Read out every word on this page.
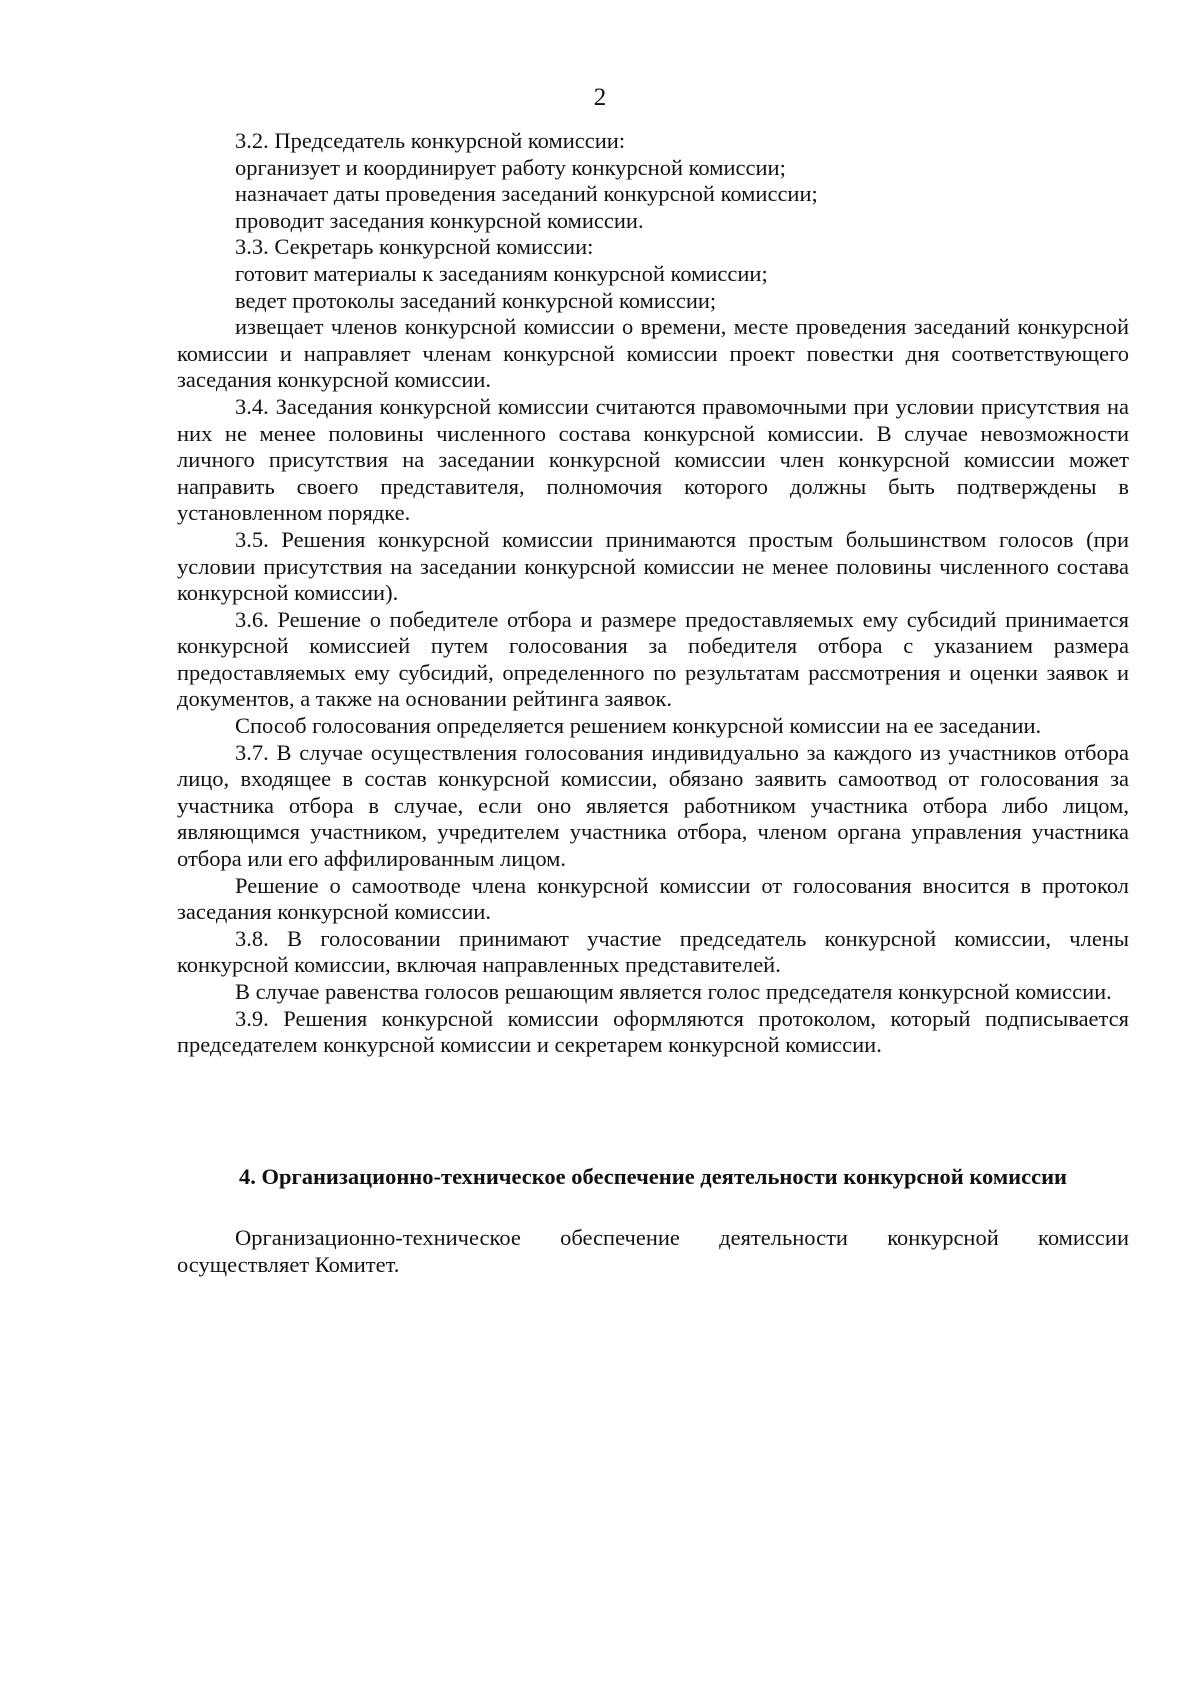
2

3.2. Председатель конкурсной комиссии:

организует и координирует работу конкурсной комиссии;

назначает даты проведения заседаний конкурсной комиссии;

проводит заседания конкурсной комиссии.

3.3. Секретарь конкурсной комиссии:

готовит материалы к заседаниям конкурсной комиссии;

ведет протоколы заседаний конкурсной комиссии;

извещает членов конкурсной комиссии о времени, месте проведения заседаний конкурсной комиссии и направляет членам конкурсной комиссии проект повестки дня соответствующего заседания конкурсной комиссии.

3.4. Заседания конкурсной комиссии считаются правомочными при условии присутствия на них не менее половины численного состава конкурсной комиссии. В случае невозможности личного присутствия на заседании конкурсной комиссии член конкурсной комиссии может направить своего представителя, полномочия которого должны быть подтверждены в установленном порядке.

3.5. Решения конкурсной комиссии принимаются простым большинством голосов (при условии присутствия на заседании конкурсной комиссии не менее половины численного состава конкурсной комиссии).

3.6. Решение о победителе отбора и размере предоставляемых ему субсидий принимается конкурсной комиссией путем голосования за победителя отбора с указанием размера предоставляемых ему субсидий, определенного по результатам рассмотрения и оценки заявок и документов, а также на основании рейтинга заявок.

Способ голосования определяется решением конкурсной комиссии на ее заседании.

3.7. В случае осуществления голосования индивидуально за каждого из участников отбора лицо, входящее в состав конкурсной комиссии, обязано заявить самоотвод от голосования за участника отбора в случае, если оно является работником участника отбора либо лицом, являющимся участником, учредителем участника отбора, членом органа управления участника отбора или его аффилированным лицом.

Решение о самоотводе члена конкурсной комиссии от голосования вносится в протокол заседания конкурсной комиссии.

3.8. В голосовании принимают участие председатель конкурсной комиссии, члены конкурсной комиссии, включая направленных представителей.

В случае равенства голосов решающим является голос председателя конкурсной комиссии.

3.9. Решения конкурсной комиссии оформляются протоколом, который подписывается председателем конкурсной комиссии и секретарем конкурсной комиссии.

4. Организационно-техническое обеспечение деятельности конкурсной комиссии

Организационно-техническое обеспечение деятельности конкурсной комиссии осуществляет Комитет.
